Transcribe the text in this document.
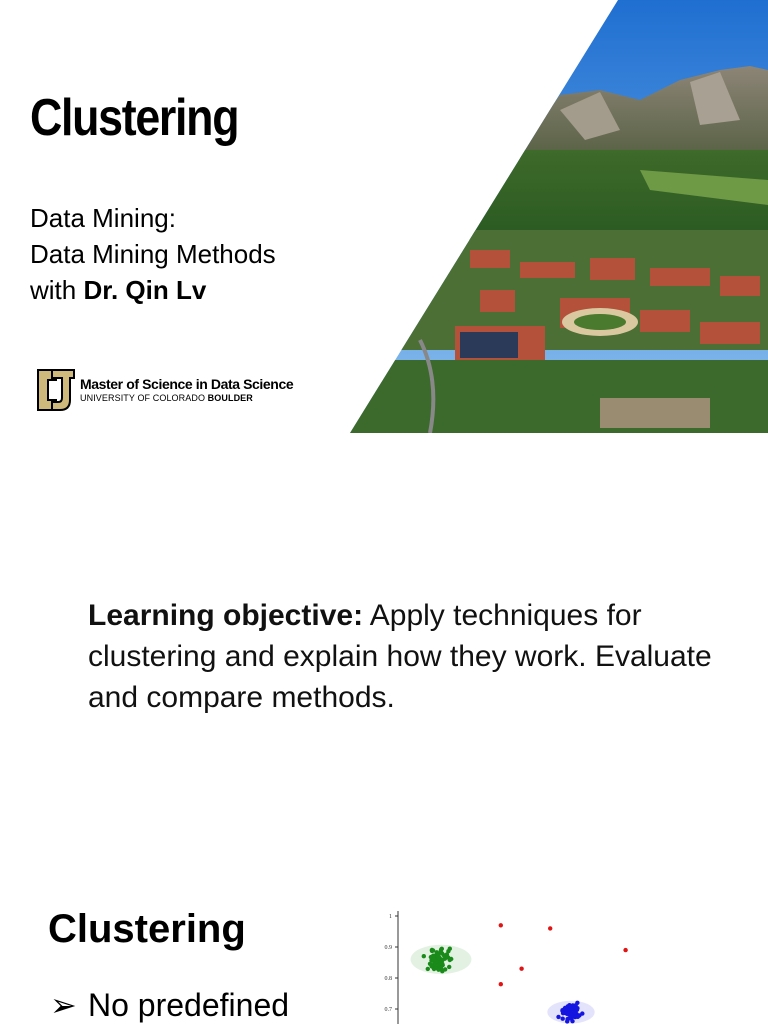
Clustering
Data Mining:
Data Mining Methods
with Dr. Qin Lv
Master of Science in Data Science
UNIVERSITY OF COLORADO BOULDER
Learning objective: Apply techniques for clustering and explain how they work. Evaluate and compare methods.
Clustering
➢ No predefined
1
0.9
0.8
0.7
